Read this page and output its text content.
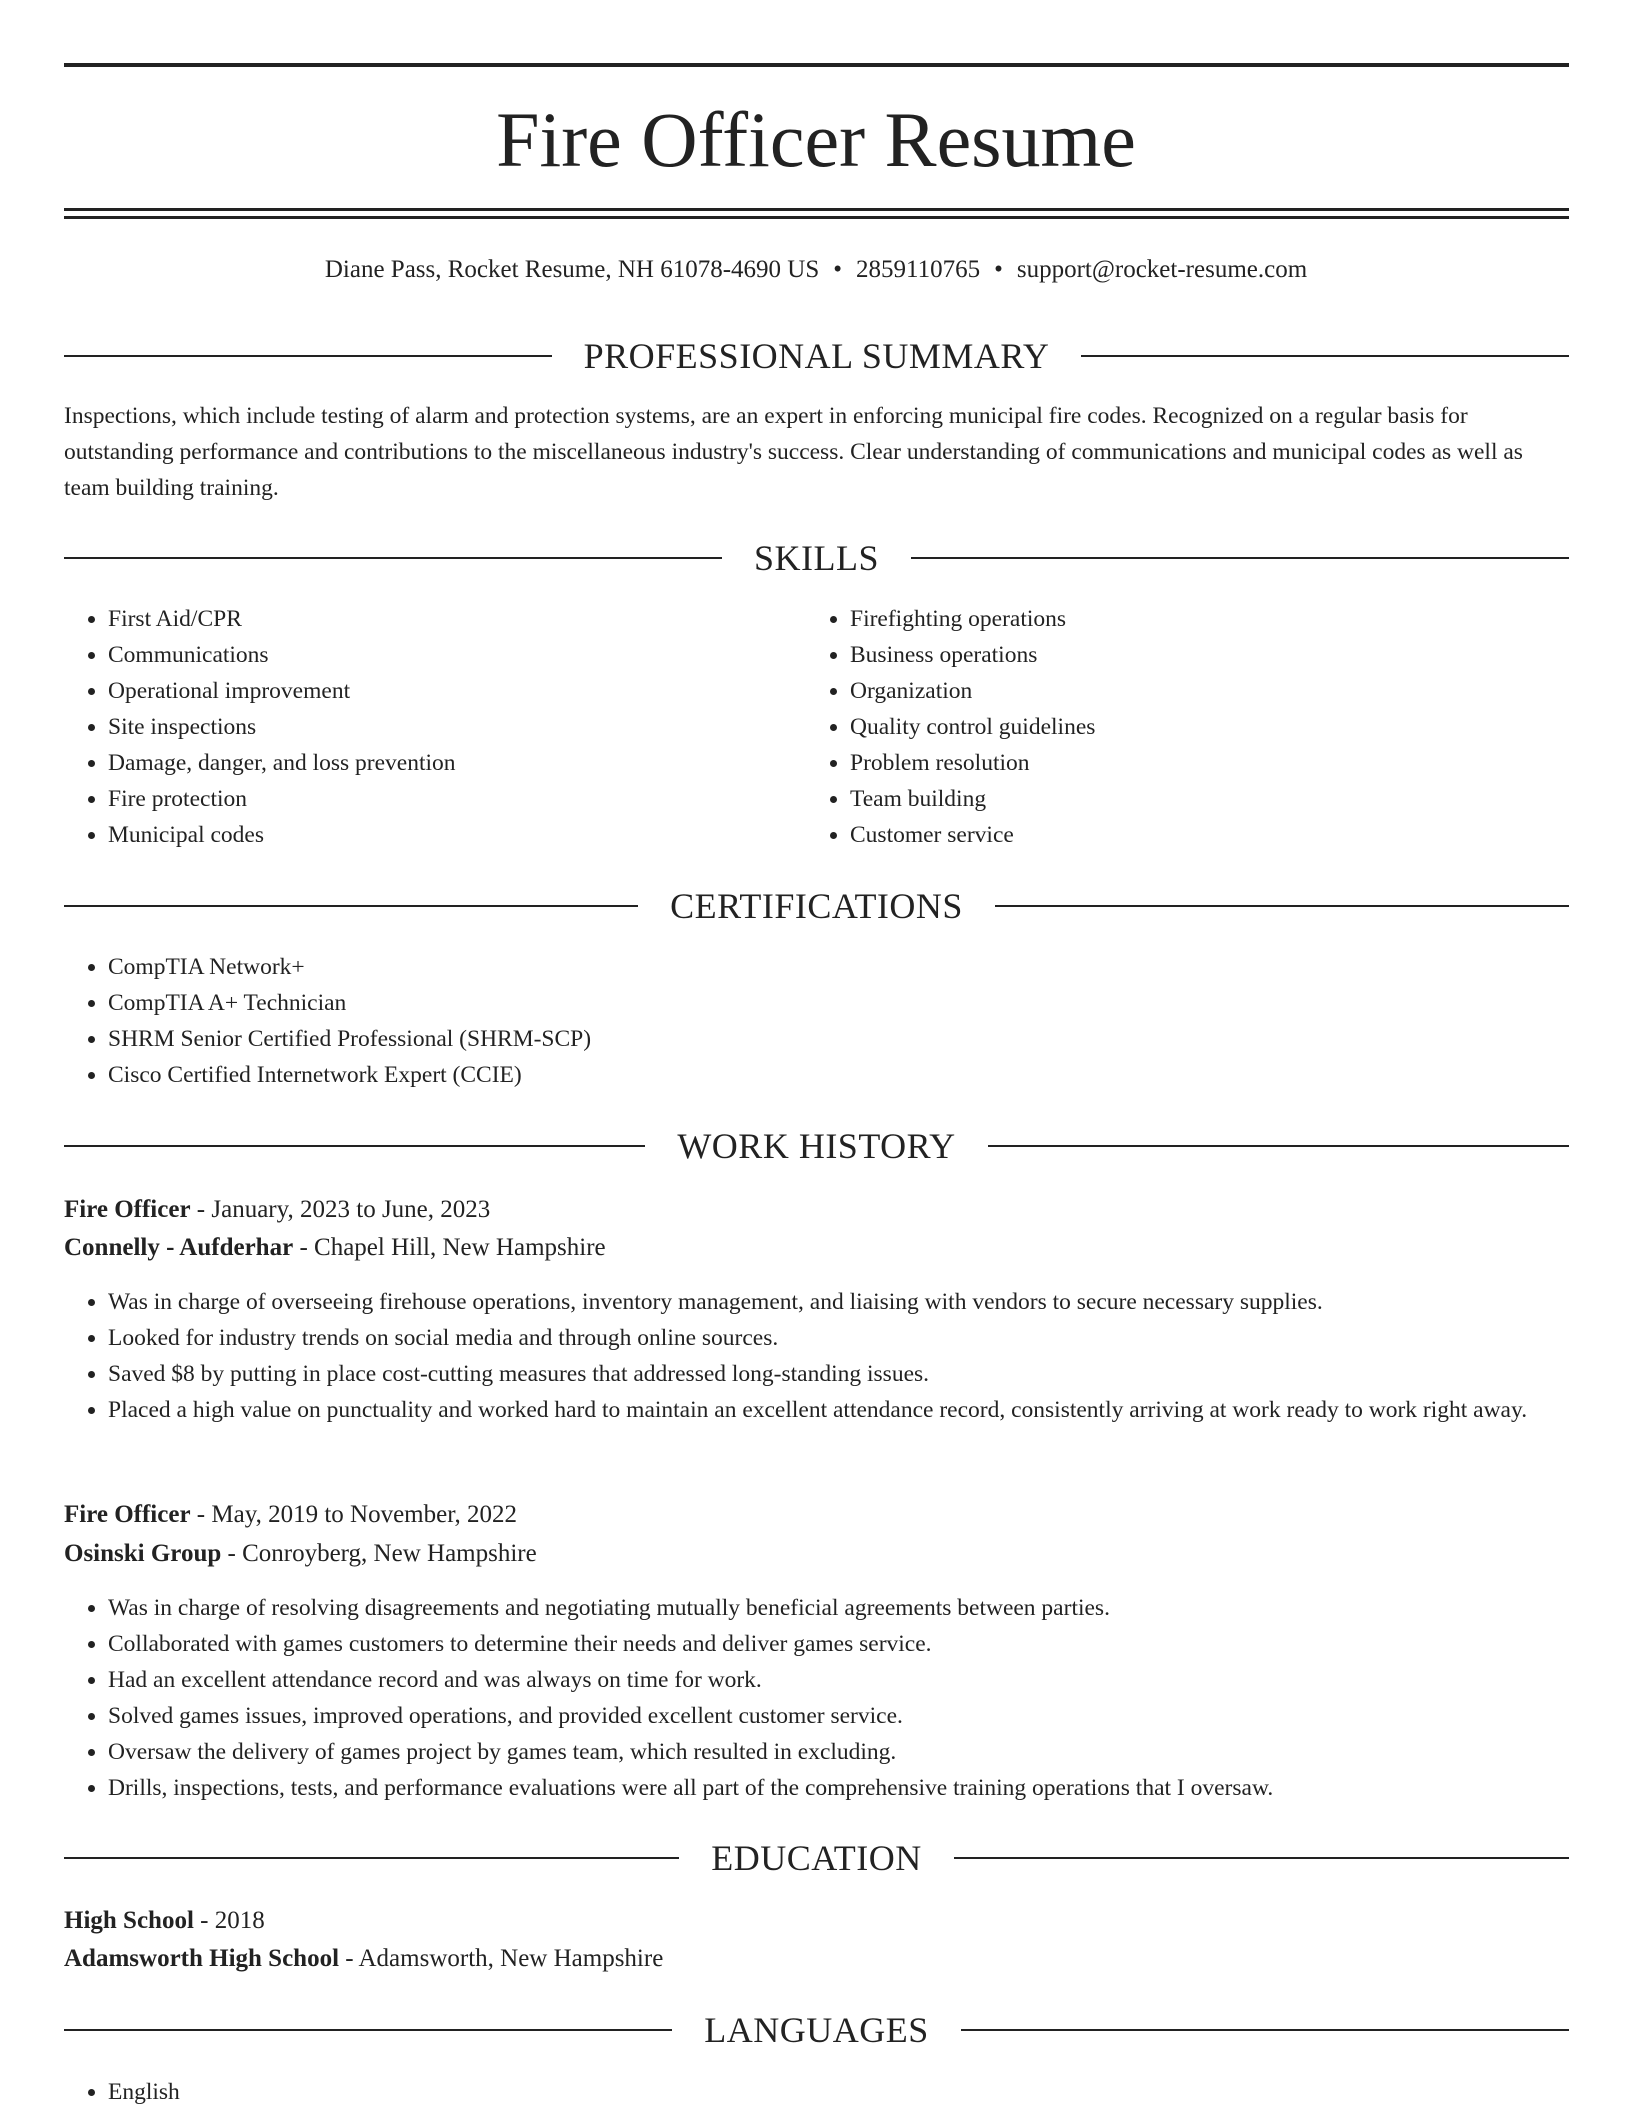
Fire Officer Resume
Diane Pass, Rocket Resume, NH 61078-4690 US • 2859110765 • support@rocket-resume.com
PROFESSIONAL SUMMARY

Inspections, which include testing of alarm and protection systems, are an expert in enforcing municipal fire codes. Recognized on a regular basis for outstanding performance and contributions to the miscellaneous industry's success. Clear understanding of communications and municipal codes as well as team building training.

SKILLS
• First Aid/CPR
• Communications
• Operational improvement
• Site inspections
• Damage, danger, and loss prevention
• Fire protection
• Municipal codes
• Firefighting operations
• Business operations
• Organization
• Quality control guidelines
• Problem resolution
• Team building
• Customer service
CERTIFICATIONS
• CompTIA Network+
• CompTIA A+ Technician
• SHRM Senior Certified Professional (SHRM-SCP)
• Cisco Certified Internetwork Expert (CCIE)
WORK HISTORY
Fire Officer - January, 2023 to June, 2023
Connelly - Aufderhar - Chapel Hill, New Hampshire
• Was in charge of overseeing firehouse operations, inventory management, and liaising with vendors to secure necessary supplies.
• Looked for industry trends on social media and through online sources.
• Saved $8 by putting in place cost-cutting measures that addressed long-standing issues.
• Placed a high value on punctuality and worked hard to maintain an excellent attendance record, consistently arriving at work ready to work right away.
Fire Officer - May, 2019 to November, 2022
Osinski Group - Conroyberg, New Hampshire
• Was in charge of resolving disagreements and negotiating mutually beneficial agreements between parties.
• Collaborated with games customers to determine their needs and deliver games service.
• Had an excellent attendance record and was always on time for work.
• Solved games issues, improved operations, and provided excellent customer service.
• Oversaw the delivery of games project by games team, which resulted in excluding.
• Drills, inspections, tests, and performance evaluations were all part of the comprehensive training operations that I oversaw.
EDUCATION
High School - 2018
Adamsworth High School - Adamsworth, New Hampshire
LANGUAGES
• English
